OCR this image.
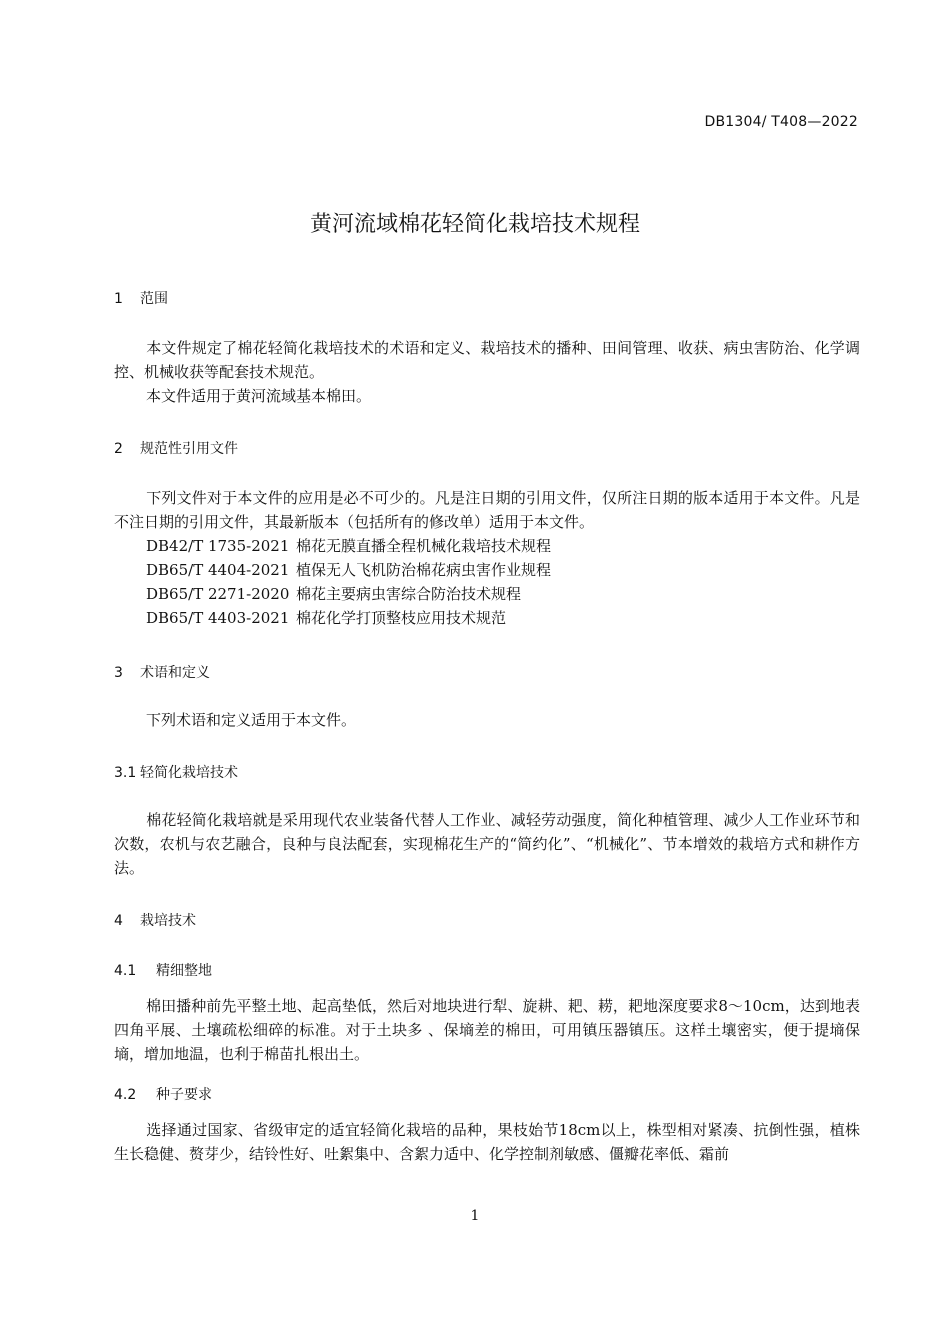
DB1304/ T408—2022
黄河流域棉花轻简化栽培技术规程
1 范围
本文件规定了棉花轻简化栽培技术的术语和定义、栽培技术的播种、田间管理、收获、病虫害防治、化学调控、机械收获等配套技术规范。
本文件适用于黄河流域基本棉田。
2 规范性引用文件
下列文件对于本文件的应用是必不可少的。凡是注日期的引用文件，仅所注日期的版本适用于本文件。凡是不注日期的引用文件，其最新版本（包括所有的修改单）适用于本文件。
DB42/T 1735-2021 棉花无膜直播全程机械化栽培技术规程
DB65/T 4404-2021 植保无人飞机防治棉花病虫害作业规程
DB65/T 2271-2020 棉花主要病虫害综合防治技术规程
DB65/T 4403-2021 棉花化学打顶整枝应用技术规范
3 术语和定义
下列术语和定义适用于本文件。
3.1 轻简化栽培技术
棉花轻简化栽培就是采用现代农业装备代替人工作业、减轻劳动强度，简化种植管理、减少人工作业环节和次数，农机与农艺融合，良种与良法配套，实现棉花生产的“简约化”、“机械化”、节本增效的栽培方式和耕作方法。
4 栽培技术
4.1 精细整地
棉田播种前先平整土地、起高垫低，然后对地块进行犁、旋耕、耙、耢，耙地深度要求8～10cm，达到地表四角平展、土壤疏松细碎的标准。对于土块多 、保墒差的棉田，可用镇压器镇压。这样土壤密实，便于提墒保墒，增加地温，也利于棉苗扎根出土。
4.2 种子要求
选择通过国家、省级审定的适宜轻简化栽培的品种，果枝始节18cm以上，株型相对紧凑、抗倒性强，植株生长稳健、赘芽少，结铃性好、吐絮集中、含絮力适中、化学控制剂敏感、僵瓣花率低、霜前
1
